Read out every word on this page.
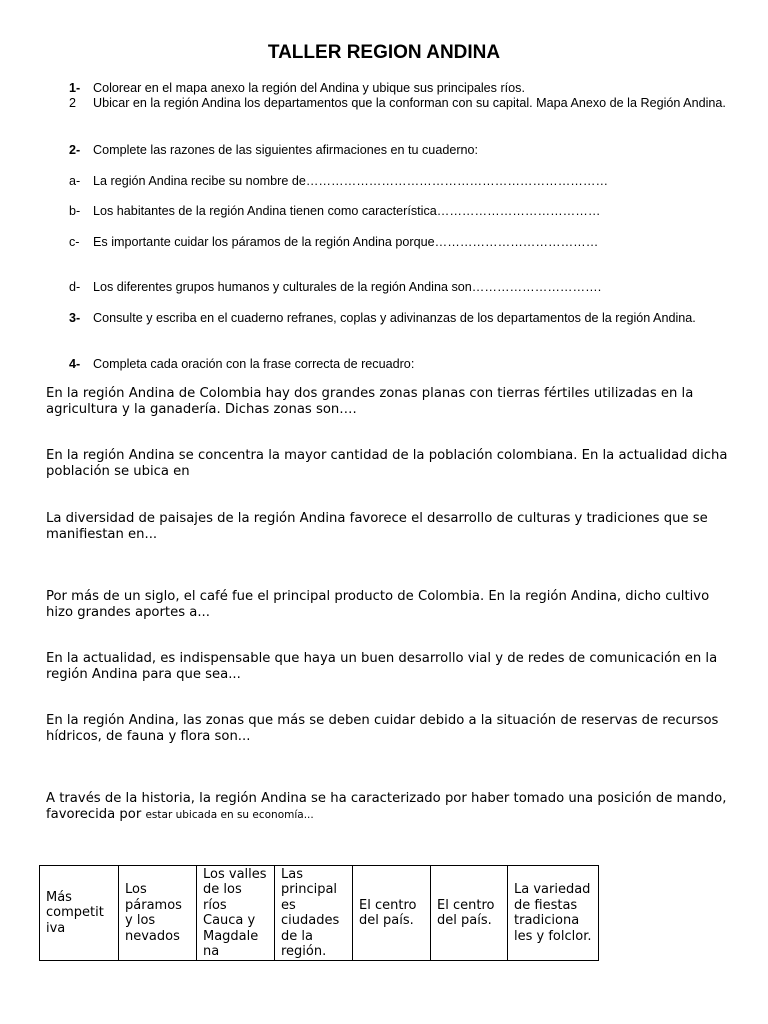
TALLER REGION ANDINA
1- Colorear en el mapa anexo la región del Andina y ubique sus principales ríos.
2 Ubicar en la región Andina los departamentos que la conforman con su capital. Mapa Anexo de la Región Andina.
2- Complete las razones de las siguientes afirmaciones en tu cuaderno:
a- La región Andina recibe su nombre de………………………………………………………………
b- Los habitantes de la región Andina tienen como característica…………………………………
c- Es importante cuidar los páramos de la región Andina porque…………………………………
d- Los diferentes grupos humanos y culturales de la región Andina son………………………….
3- Consulte y escriba en el cuaderno refranes, coplas y adivinanzas de los departamentos de la región Andina.
4- Completa cada oración con la frase correcta de recuadro:
En la región Andina de Colombia hay dos grandes zonas planas con tierras fértiles utilizadas en la agricultura y la ganadería. Dichas zonas son….
En la región Andina se concentra la mayor cantidad de la población colombiana. En la actualidad dicha población se ubica en
La diversidad de paisajes de la región Andina favorece el desarrollo de culturas y tradiciones que se manifiestan en...
Por más de un siglo, el café fue el principal producto de Colombia. En la región Andina, dicho cultivo hizo grandes aportes a...
En la actualidad, es indispensable que haya un buen desarrollo vial y de redes de comunicación en la región Andina para que sea...
En la región Andina, las zonas que más se deben cuidar debido a la situación de reservas de recursos hídricos, de fauna y flora son...
A través de la historia, la región Andina se ha caracterizado por haber tomado una posición de mando, favorecida por estar ubicada en su economía...
Más competit iva	Los páramos y los nevados	Los valles de los ríos Cauca y Magdale na	Las principal es ciudades de la región.	El centro del país.	El centro del país.	La variedad de fiestas tradiciona les y folclor.
